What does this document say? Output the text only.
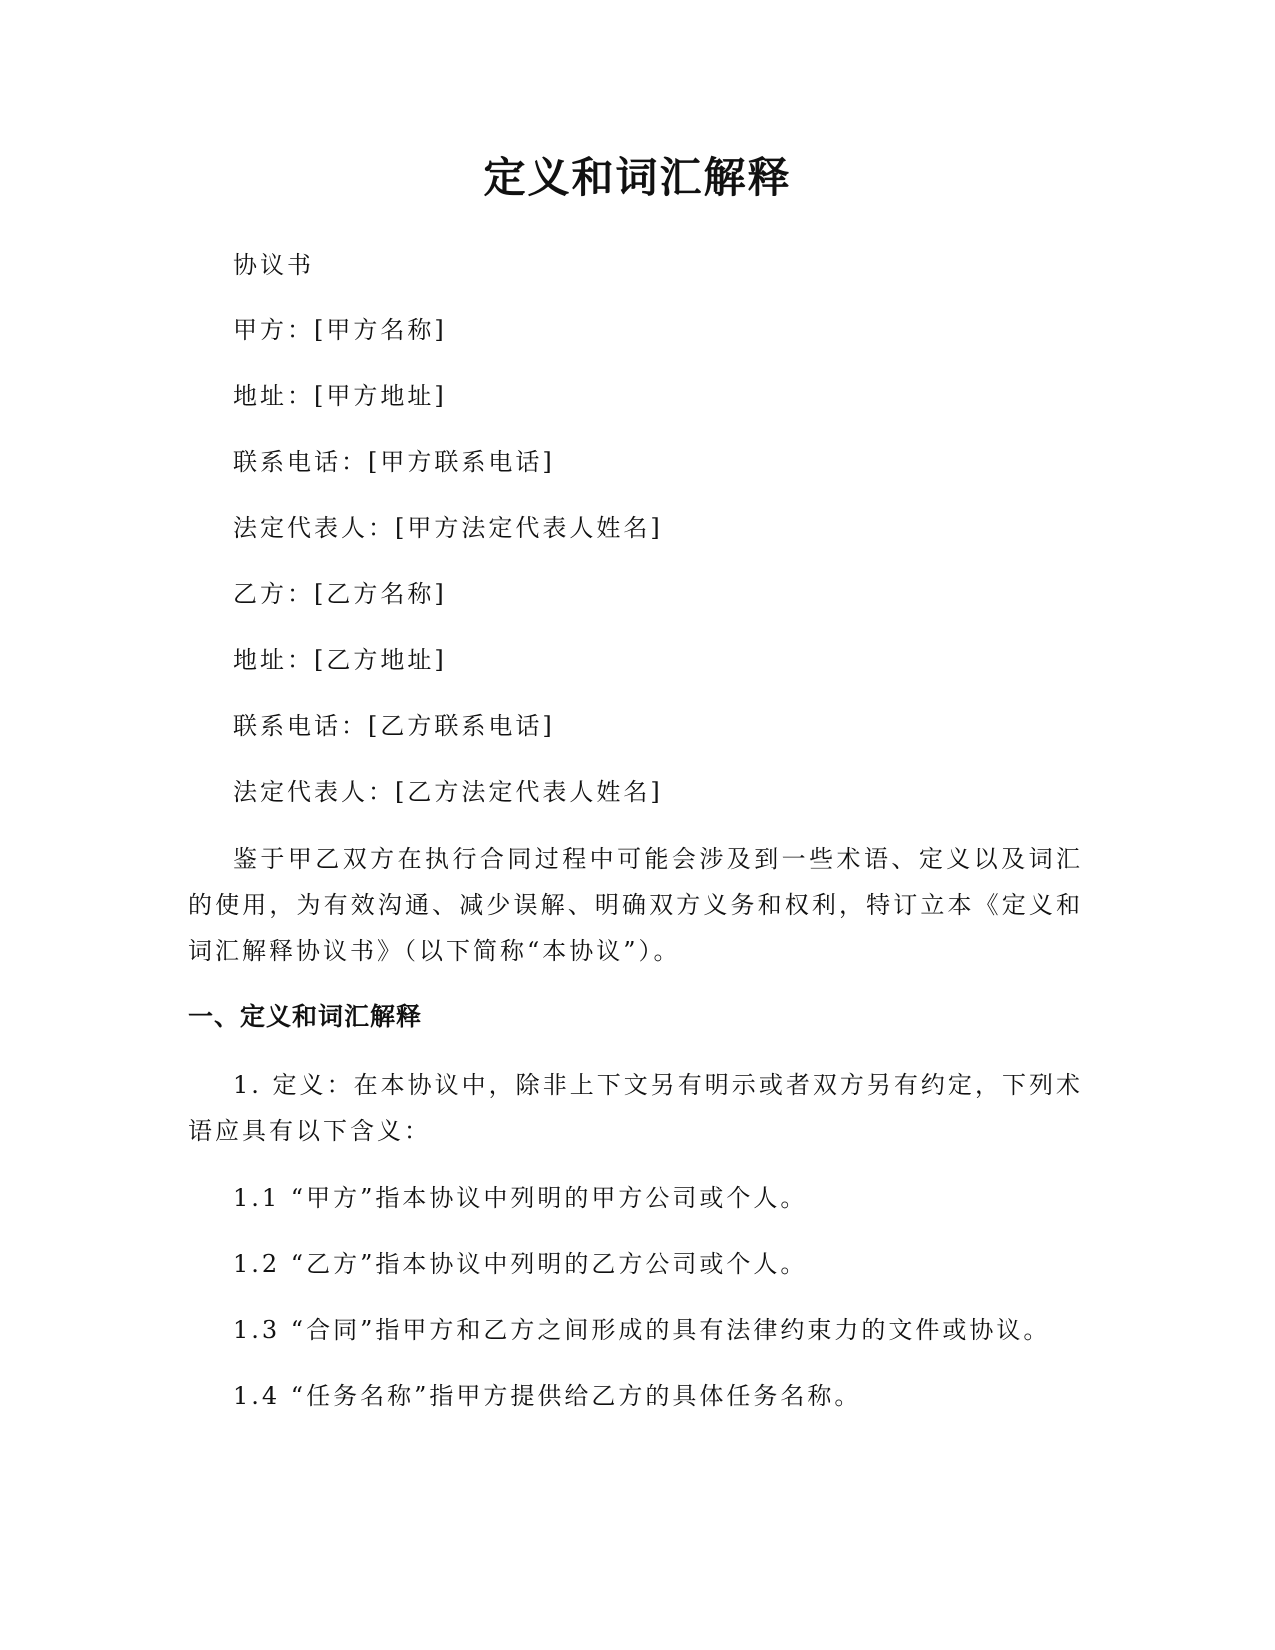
定义和词汇解释
协议书
甲方：[甲方名称]
地址：[甲方地址]
联系电话：[甲方联系电话]
法定代表人：[甲方法定代表人姓名]
乙方：[乙方名称]
地址：[乙方地址]
联系电话：[乙方联系电话]
法定代表人：[乙方法定代表人姓名]
鉴于甲乙双方在执行合同过程中可能会涉及到一些术语、定义以及词汇的使用，为有效沟通、减少误解、明确双方义务和权利，特订立本《定义和词汇解释协议书》（以下简称“本协议”）。
一、定义和词汇解释
1. 定义：在本协议中，除非上下文另有明示或者双方另有约定，下列术语应具有以下含义：
1.1 “甲方”指本协议中列明的甲方公司或个人。
1.2 “乙方”指本协议中列明的乙方公司或个人。
1.3 “合同”指甲方和乙方之间形成的具有法律约束力的文件或协议。
1.4 “任务名称”指甲方提供给乙方的具体任务名称。
